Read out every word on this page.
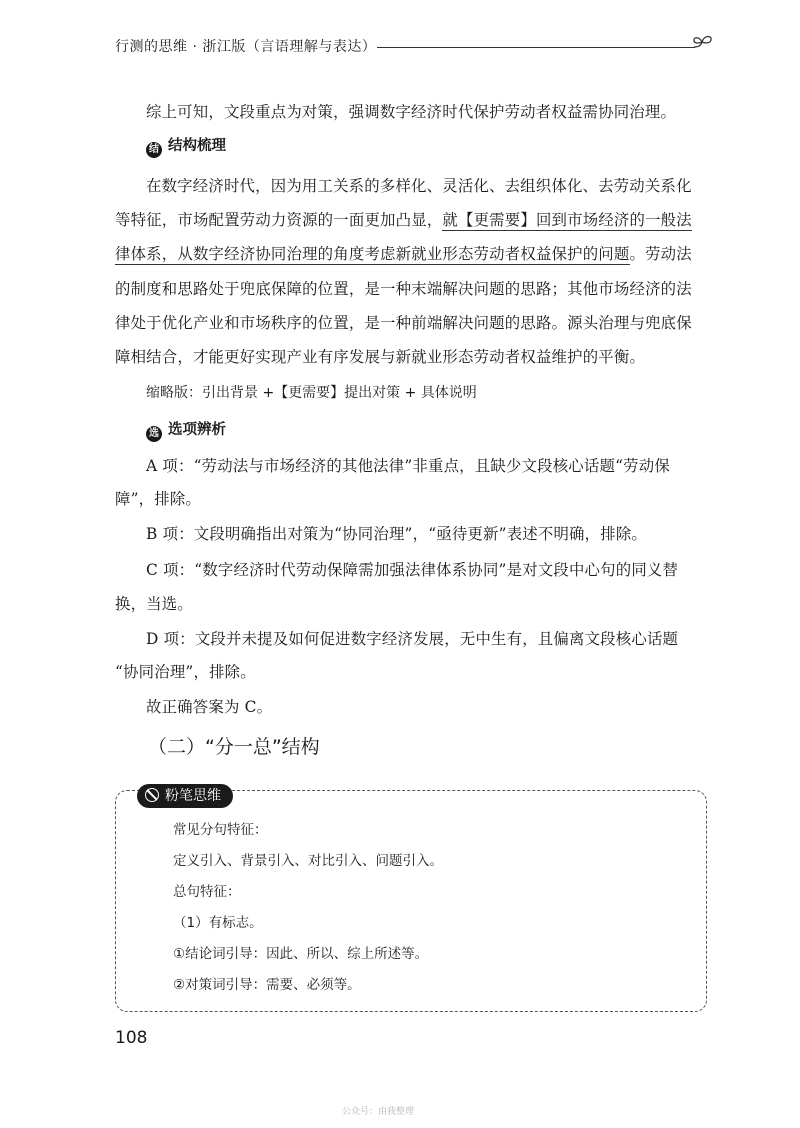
行测的思维 · 浙江版（言语理解与表达）
综上可知，文段重点为对策，强调数字经济时代保护劳动者权益需协同治理。
结 结构梳理
在数字经济时代，因为用工关系的多样化、灵活化、去组织体化、去劳动关系化
等特征，市场配置劳动力资源的一面更加凸显，就【更需要】回到市场经济的一般法
律体系，从数字经济协同治理的角度考虑新就业形态劳动者权益保护的问题。劳动法
的制度和思路处于兜底保障的位置，是一种末端解决问题的思路；其他市场经济的法
律处于优化产业和市场秩序的位置，是一种前端解决问题的思路。源头治理与兜底保
障相结合，才能更好实现产业有序发展与新就业形态劳动者权益维护的平衡。
缩略版：引出背景 +【更需要】提出对策 + 具体说明
选 选项辨析
A 项：“劳动法与市场经济的其他法律”非重点，且缺少文段核心话题“劳动保
障”，排除。
B 项：文段明确指出对策为“协同治理”，“亟待更新”表述不明确，排除。
C 项：“数字经济时代劳动保障需加强法律体系协同”是对文段中心句的同义替
换，当选。
D 项：文段并未提及如何促进数字经济发展，无中生有，且偏离文段核心话题
“协同治理”，排除。
故正确答案为 C。
（二）“分一总”结构
粉笔思维
常见分句特征：
定义引入、背景引入、对比引入、问题引入。
总句特征：
（1）有标志。
①结论词引导：因此、所以、综上所述等。
②对策词引导：需要、必须等。
108
公众号：由我整理
